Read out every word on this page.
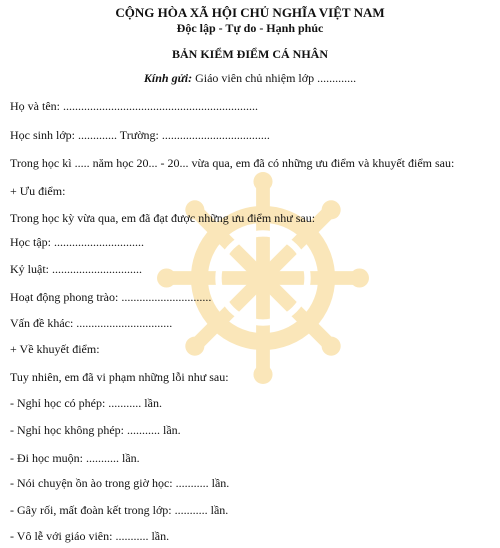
CỘNG HÒA XÃ HỘI CHỦ NGHĨA VIỆT NAM
Độc lập - Tự do - Hạnh phúc
BẢN KIỂM ĐIỂM CÁ NHÂN
Kính gửi: Giáo viên chủ nhiệm lớp .............
Họ và tên: .................................................................
Học sinh lớp: ............. Trường: ....................................
Trong học kì ..... năm học 20... - 20... vừa qua, em đã có những ưu điểm và khuyết điểm sau:
+ Ưu điểm:
Trong học kỳ vừa qua, em đã đạt được những ưu điểm như sau:
Học tập: ..............................
Kỷ luật: ..............................
Hoạt động phong trào: ..............................
Vấn đề khác: ................................
+ Về khuyết điểm:
Tuy nhiên, em đã vi phạm những lỗi như sau:
- Nghỉ học có phép: ........... lần.
- Nghỉ học không phép: ........... lần.
- Đi học muộn: ........... lần.
- Nói chuyện ồn ào trong giờ học: ........... lần.
- Gây rối, mất đoàn kết trong lớp: ........... lần.
- Vô lễ với giáo viên: ........... lần.
